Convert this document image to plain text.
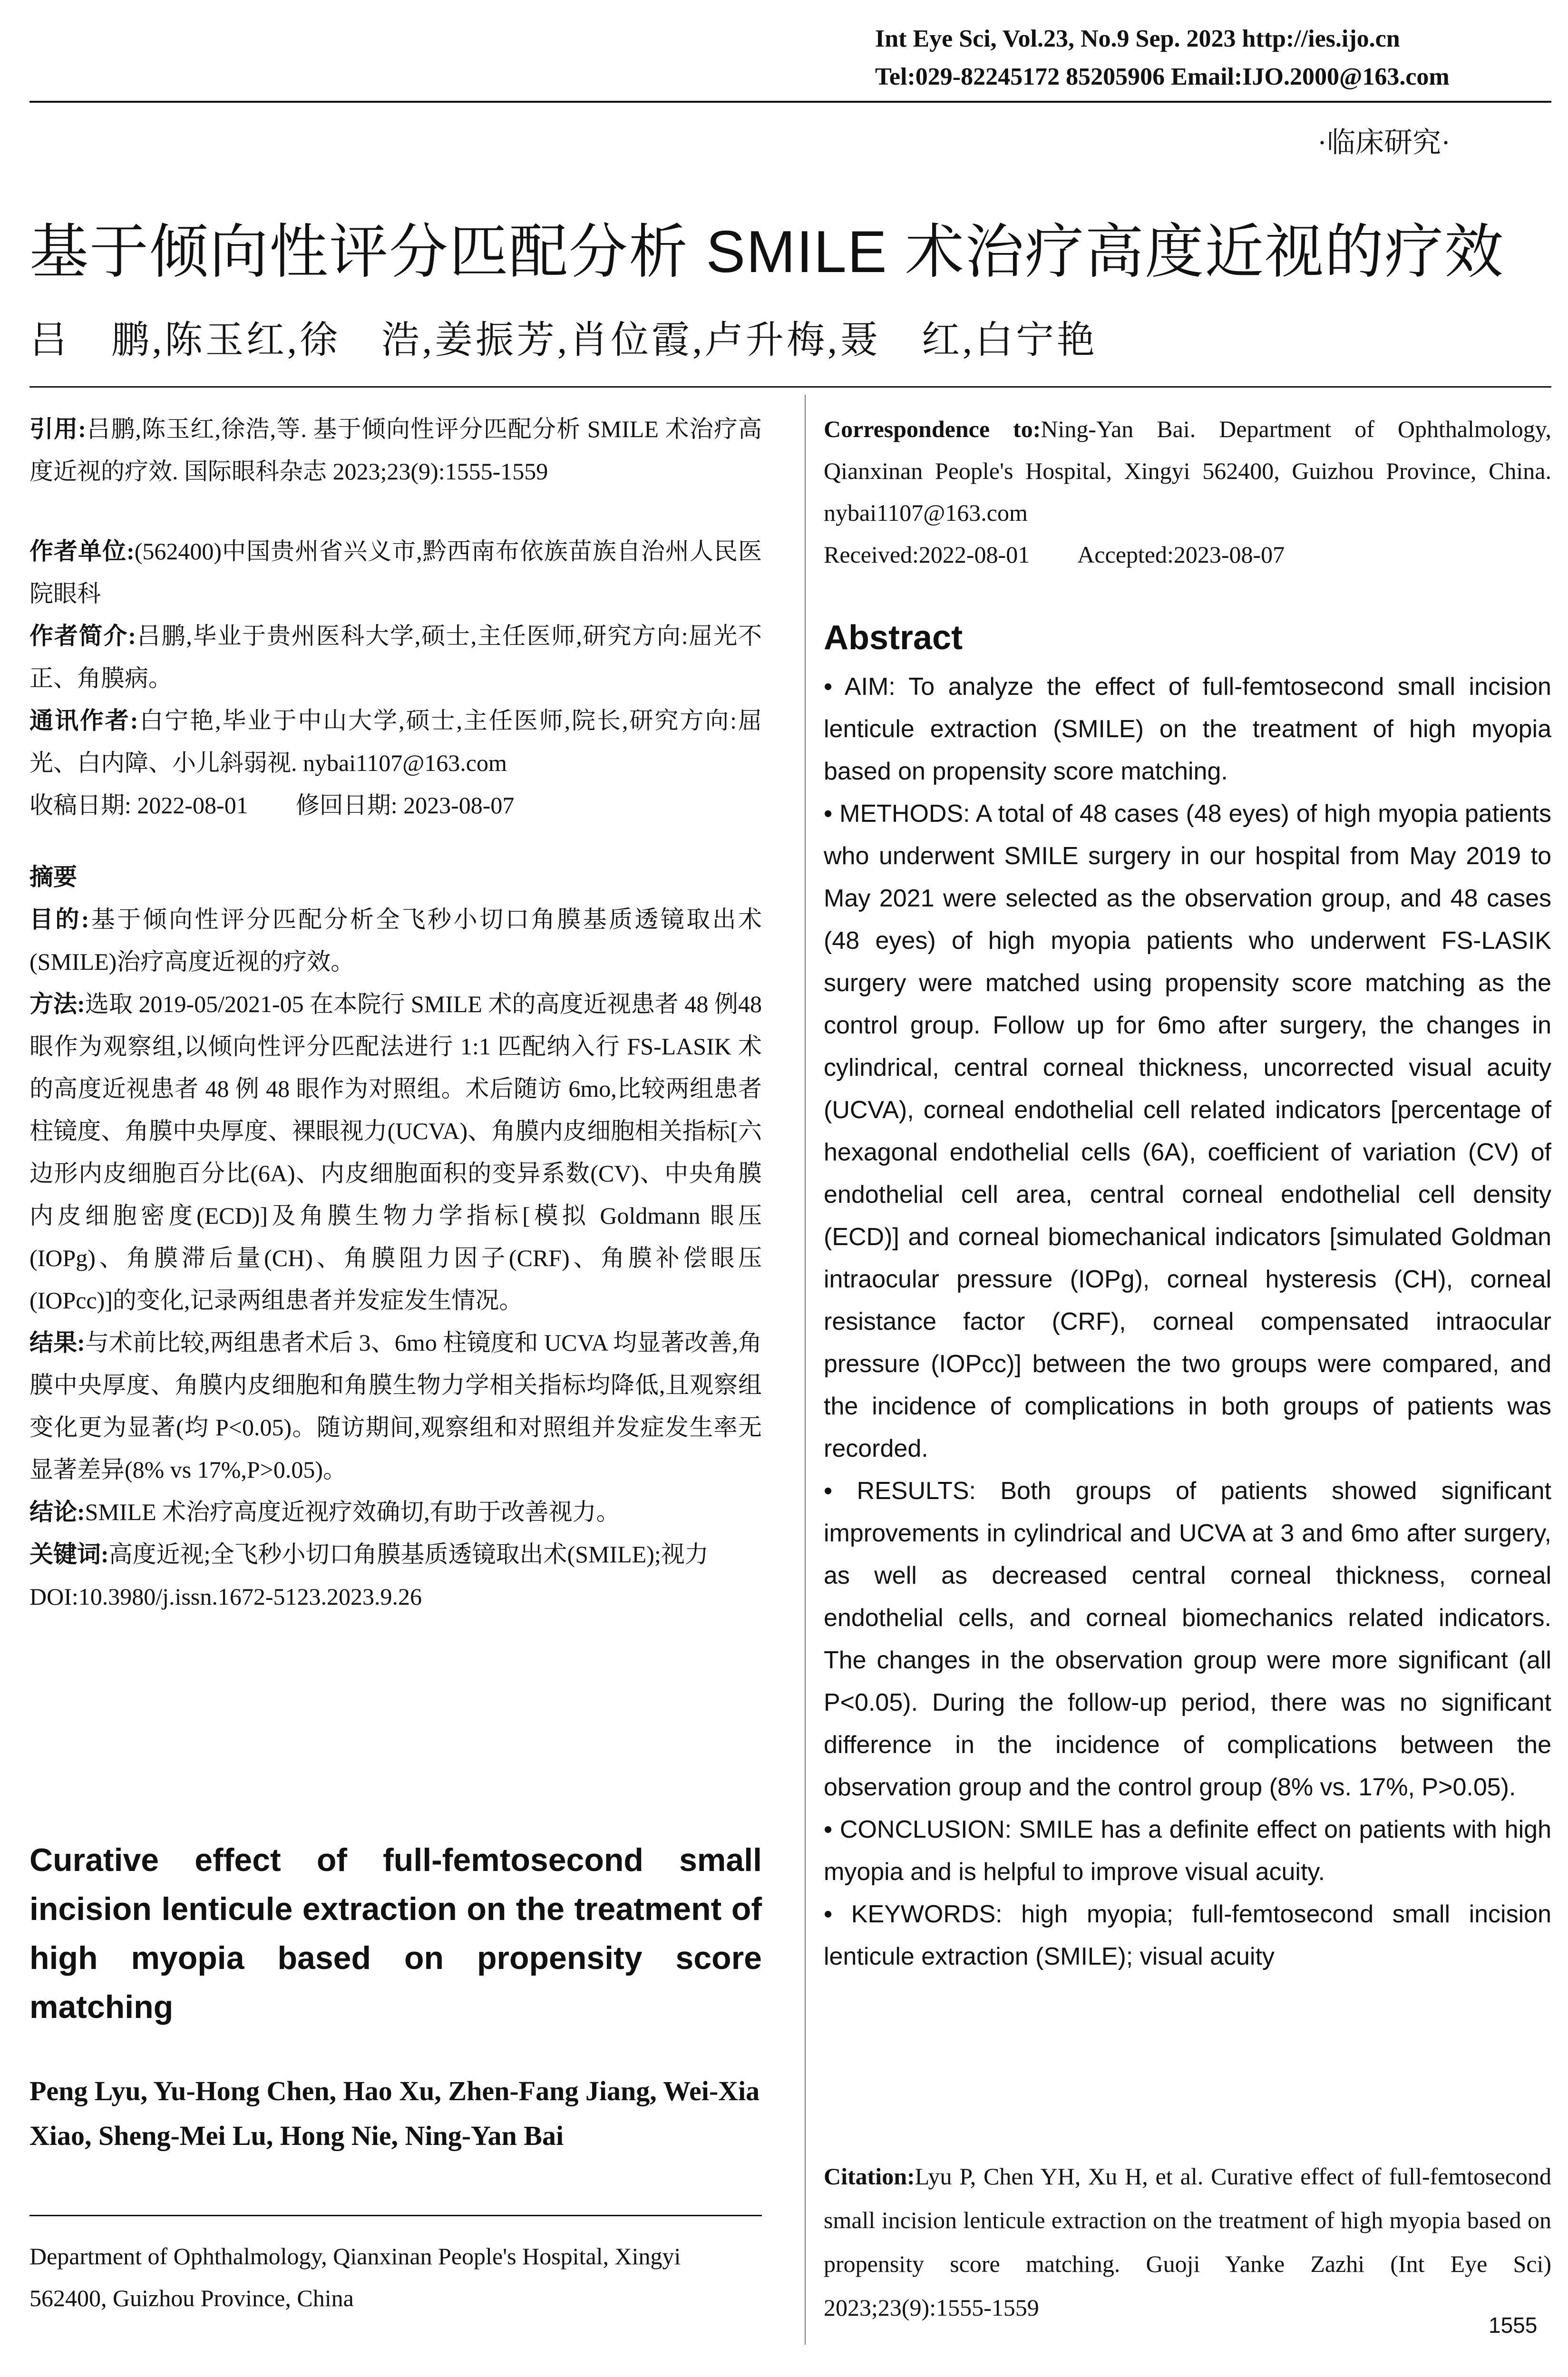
Int Eye Sci, Vol.23, No.9 Sep. 2023 http://ies.ijo.cn
Tel:029-82245172 85205906 Email:IJO.2000@163.com
·临床研究·
基于倾向性评分匹配分析 SMILE 术治疗高度近视的疗效
吕　鹏,陈玉红,徐　浩,姜振芳,肖位霞,卢升梅,聂　红,白宁艳
引用:吕鹏,陈玉红,徐浩,等. 基于倾向性评分匹配分析 SMILE 术治疗高度近视的疗效. 国际眼科杂志 2023;23(9):1555-1559

作者单位:(562400)中国贵州省兴义市,黔西南布依族苗族自治州人民医院眼科

作者简介:吕鹏,毕业于贵州医科大学,硕士,主任医师,研究方向:屈光不正、角膜病。

通讯作者:白宁艳,毕业于中山大学,硕士,主任医师,院长,研究方向:屈光、白内障、小儿斜弱视. nybai1107@163.com

收稿日期: 2022-08-01　　修回日期: 2023-08-07

摘要

目的:基于倾向性评分匹配分析全飞秒小切口角膜基质透镜取出术(SMILE)治疗高度近视的疗效。

方法:选取 2019-05/2021-05 在本院行 SMILE 术的高度近视患者 48 例48 眼作为观察组,以倾向性评分匹配法进行 1:1 匹配纳入行 FS-LASIK 术的高度近视患者 48 例 48 眼作为对照组。术后随访 6mo,比较两组患者柱镜度、角膜中央厚度、裸眼视力(UCVA)、角膜内皮细胞相关指标[六边形内皮细胞百分比(6A)、内皮细胞面积的变异系数(CV)、中央角膜内皮细胞密度(ECD)]及角膜生物力学指标[模拟 Goldmann 眼压(IOPg)、角膜滞后量(CH)、角膜阻力因子(CRF)、角膜补偿眼压(IOPcc)]的变化,记录两组患者并发症发生情况。

结果:与术前比较,两组患者术后 3、6mo 柱镜度和 UCVA 均显著改善,角膜中央厚度、角膜内皮细胞和角膜生物力学相关指标均降低,且观察组变化更为显著(均 P<0.05)。随访期间,观察组和对照组并发症发生率无显著差异(8% vs 17%,P>0.05)。

结论:SMILE 术治疗高度近视疗效确切,有助于改善视力。

关键词:高度近视;全飞秒小切口角膜基质透镜取出术(SMILE);视力

DOI:10.3980/j.issn.1672-5123.2023.9.26

Curative effect of full-femtosecond small incision lenticule extraction on the treatment of high myopia based on propensity score matching
Peng Lyu, Yu-Hong Chen, Hao Xu, Zhen-Fang Jiang, Wei-Xia Xiao, Sheng-Mei Lu, Hong Nie, Ning-Yan Bai
Department of Ophthalmology, Qianxinan People's Hospital, Xingyi 562400, Guizhou Province, China

Correspondence to:Ning-Yan Bai. Department of Ophthalmology, Qianxinan People's Hospital, Xingyi 562400, Guizhou Province, China. nybai1107@163.com

Received:2022-08-01　　Accepted:2023-08-07

Abstract

• AIM: To analyze the effect of full-femtosecond small incision lenticule extraction (SMILE) on the treatment of high myopia based on propensity score matching.

• METHODS: A total of 48 cases (48 eyes) of high myopia patients who underwent SMILE surgery in our hospital from May 2019 to May 2021 were selected as the observation group, and 48 cases (48 eyes) of high myopia patients who underwent FS-LASIK surgery were matched using propensity score matching as the control group. Follow up for 6mo after surgery, the changes in cylindrical, central corneal thickness, uncorrected visual acuity (UCVA), corneal endothelial cell related indicators [percentage of hexagonal endothelial cells (6A), coefficient of variation (CV) of endothelial cell area, central corneal endothelial cell density (ECD)] and corneal biomechanical indicators [simulated Goldman intraocular pressure (IOPg), corneal hysteresis (CH), corneal resistance factor (CRF), corneal compensated intraocular pressure (IOPcc)] between the two groups were compared, and the incidence of complications in both groups of patients was recorded.

• RESULTS: Both groups of patients showed significant improvements in cylindrical and UCVA at 3 and 6mo after surgery, as well as decreased central corneal thickness, corneal endothelial cells, and corneal biomechanics related indicators. The changes in the observation group were more significant (all P<0.05). During the follow-up period, there was no significant difference in the incidence of complications between the observation group and the control group (8% vs. 17%, P>0.05).

• CONCLUSION: SMILE has a definite effect on patients with high myopia and is helpful to improve visual acuity.

• KEYWORDS: high myopia; full-femtosecond small incision lenticule extraction (SMILE); visual acuity

Citation:Lyu P, Chen YH, Xu H, et al. Curative effect of full-femtosecond small incision lenticule extraction on the treatment of high myopia based on propensity score matching. Guoji Yanke Zazhi (Int Eye Sci) 2023;23(9):1555-1559
1555
